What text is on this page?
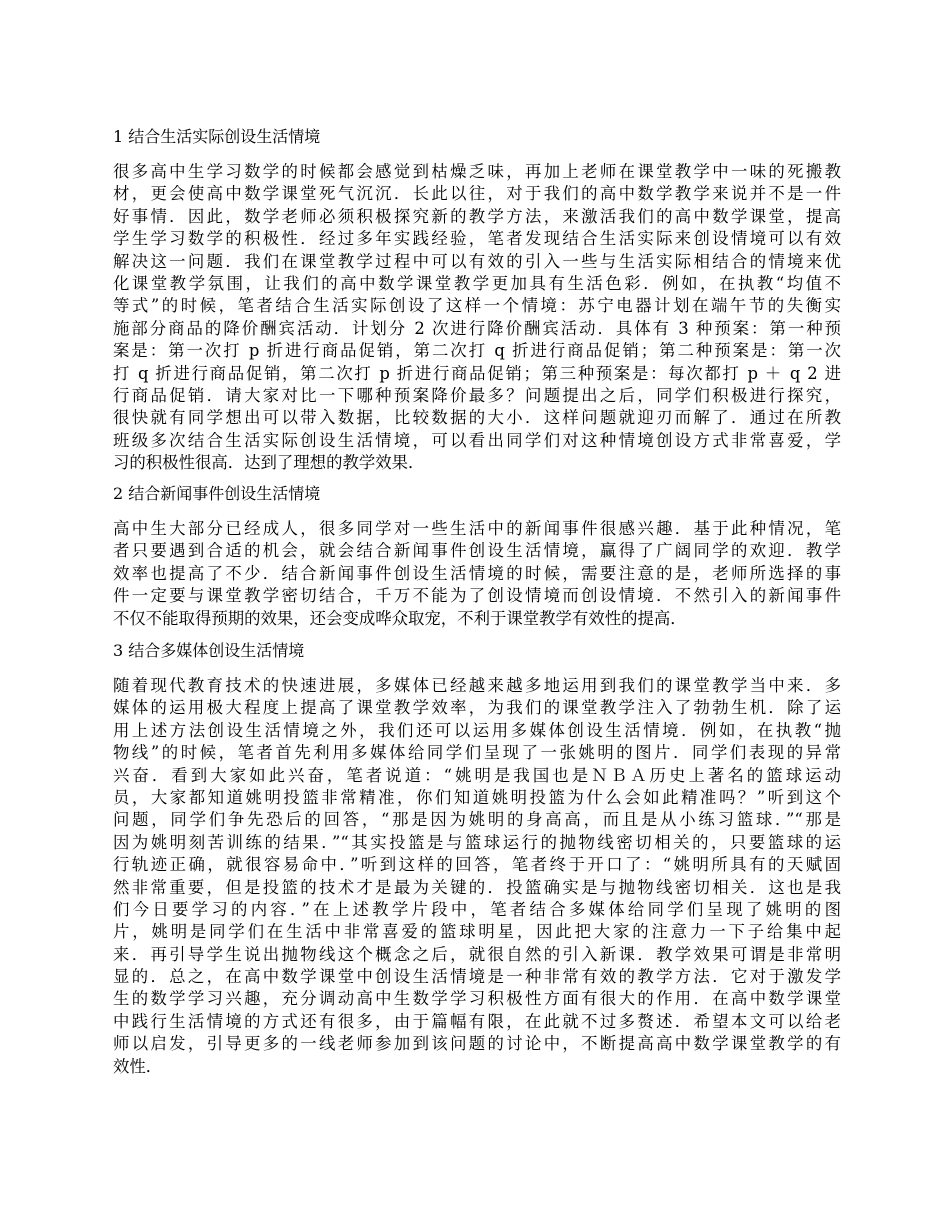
1 结合生活实际创设生活情境
很多高中生学习数学的时候都会感觉到枯燥乏味，再加上老师在课堂教学中一味的死搬教
材，更会使高中数学课堂死气沉沉．长此以往，对于我们的高中数学教学来说并不是一件
好事情．因此，数学老师必须积极探究新的教学方法，来激活我们的高中数学课堂，提高
学生学习数学的积极性．经过多年实践经验，笔者发现结合生活实际来创设情境可以有效
解决这一问题．我们在课堂教学过程中可以有效的引入一些与生活实际相结合的情境来优
化课堂教学氛围，让我们的高中数学课堂教学更加具有生活色彩．例如，在执教“均值不
等式”的时候，笔者结合生活实际创设了这样一个情境：苏宁电器计划在端午节的失衡实
施部分商品的降价酬宾活动．计划分 2 次进行降价酬宾活动．具体有 3 种预案：第一种预
案是：第一次打 p 折进行商品促销，第二次打 q 折进行商品促销；第二种预案是：第一次
打 q 折进行商品促销，第二次打 p 折进行商品促销；第三种预案是：每次都打 p ＋ q 2 进
行商品促销．请大家对比一下哪种预案降价最多？问题提出之后，同学们积极进行探究，
很快就有同学想出可以带入数据，比较数据的大小．这样问题就迎刃而解了．通过在所教
班级多次结合生活实际创设生活情境，可以看出同学们对这种情境创设方式非常喜爱，学
习的积极性很高．达到了理想的教学效果．
2 结合新闻事件创设生活情境
高中生大部分已经成人，很多同学对一些生活中的新闻事件很感兴趣．基于此种情况，笔
者只要遇到合适的机会，就会结合新闻事件创设生活情境，赢得了广阔同学的欢迎．教学
效率也提高了不少．结合新闻事件创设生活情境的时候，需要注意的是，老师所选择的事
件一定要与课堂教学密切结合，千万不能为了创设情境而创设情境．不然引入的新闻事件
不仅不能取得预期的效果，还会变成哗众取宠，不利于课堂教学有效性的提高．
3 结合多媒体创设生活情境
随着现代教育技术的快速进展，多媒体已经越来越多地运用到我们的课堂教学当中来．多
媒体的运用极大程度上提高了课堂教学效率，为我们的课堂教学注入了勃勃生机．除了运
用上述方法创设生活情境之外，我们还可以运用多媒体创设生活情境．例如，在执教“抛
物线”的时候，笔者首先利用多媒体给同学们呈现了一张姚明的图片．同学们表现的异常
兴奋．看到大家如此兴奋，笔者说道：“姚明是我国也是ＮＢＡ历史上著名的篮球运动
员，大家都知道姚明投篮非常精准，你们知道姚明投篮为什么会如此精准吗？”听到这个
问题，同学们争先恐后的回答，“那是因为姚明的身高高，而且是从小练习篮球．”“那是
因为姚明刻苦训练的结果．”“其实投篮是与篮球运行的抛物线密切相关的，只要篮球的运
行轨迹正确，就很容易命中．”听到这样的回答，笔者终于开口了：“姚明所具有的天赋固
然非常重要，但是投篮的技术才是最为关键的．投篮确实是与抛物线密切相关．这也是我
们今日要学习的内容．”在上述教学片段中，笔者结合多媒体给同学们呈现了姚明的图
片，姚明是同学们在生活中非常喜爱的篮球明星，因此把大家的注意力一下子给集中起
来．再引导学生说出抛物线这个概念之后，就很自然的引入新课．教学效果可谓是非常明
显的．总之，在高中数学课堂中创设生活情境是一种非常有效的教学方法．它对于激发学
生的数学学习兴趣，充分调动高中生数学学习积极性方面有很大的作用．在高中数学课堂
中践行生活情境的方式还有很多，由于篇幅有限，在此就不过多赘述．希望本文可以给老
师以启发，引导更多的一线老师参加到该问题的讨论中，不断提高高中数学课堂教学的有
效性．
